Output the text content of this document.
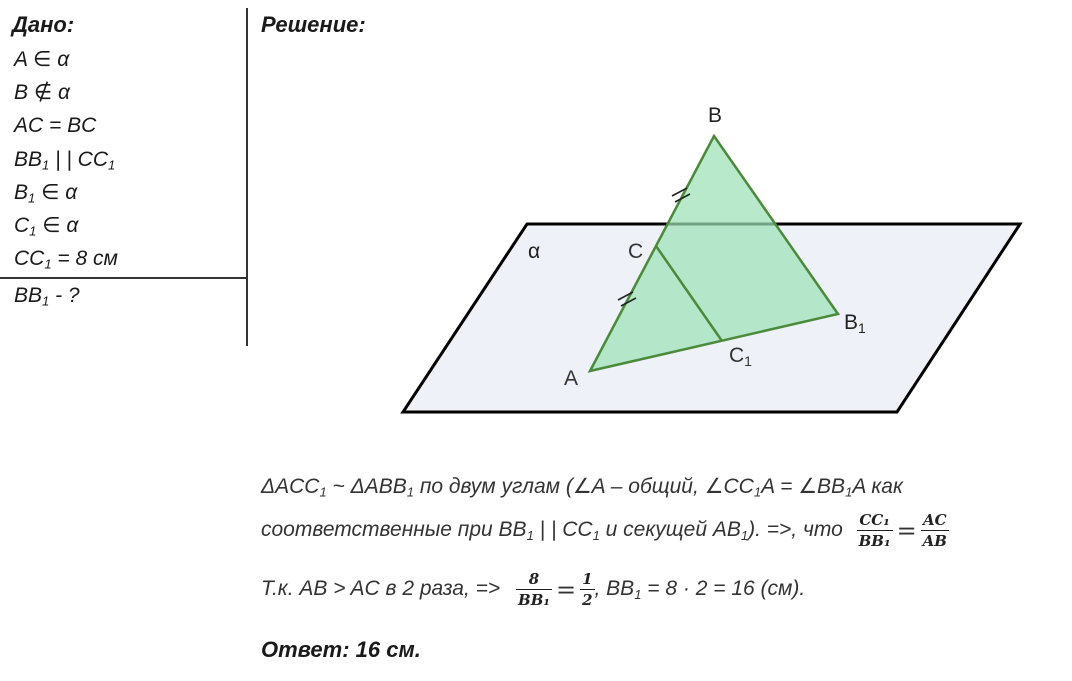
Дано:
A ∈ α
B ∉ α
AC = BC
$BB_1$ | | $CC_1$
$B_1$ ∈ α
$C_1$ ∈ α
$CC_1 = 8$ см
$BB_1$ - ?
Решение:
α
B
C
A
B1
C1
$\Delta ACC_1$ ~ $\Delta ABB_1$ по двум углам (∠A – общий, $\angle CC_1A$ = $\angle BB_1A$ как
соответственные при $BB_1$ | | $CC_1$ и секущей $AB_1$). =>, что $\frac{\text{CC₁}}{\text{BB₁}} = \frac{AC}{AB}$
Т.к. AB > AC в 2 раза, => $\frac{8}{\text{BB₁}} = \frac{1}{2}$ , $BB_1 = 8 \cdot 2 = 16$ (см).
Ответ: 16 см.
